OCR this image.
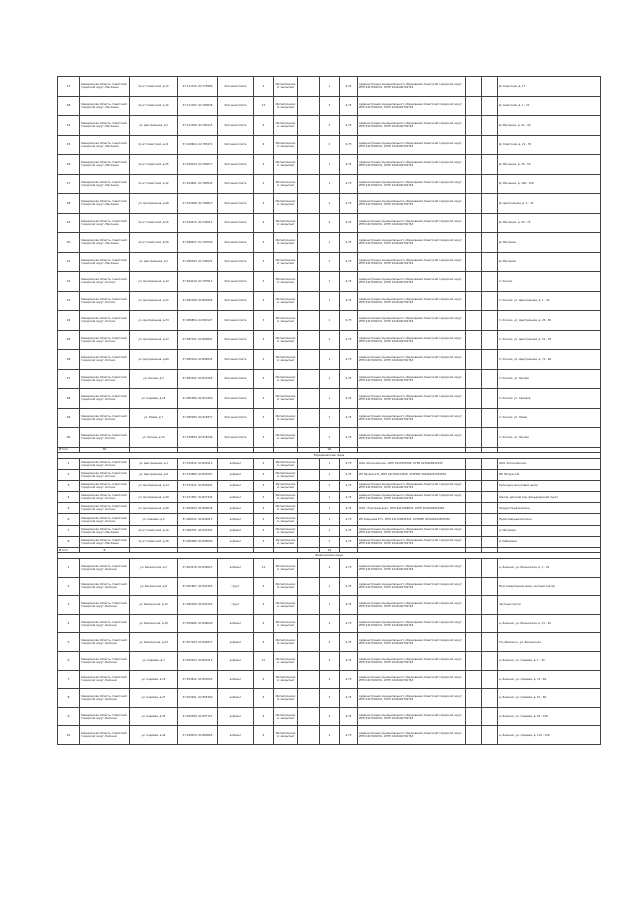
17	Кемеровская область, Советский городской округ, Масленки	пр-кт Советский, д.13	57.111315, 62.775888	бетонная плита	3	Металлический, закрытый		1	0,75	Администрация муниципального образования Советский городской округ, ИНН 4417000231, ОГРН 1024200702763			Д. Советская, д. 17
18	Кемеровская область, Советский городской округ, Масленки	пр-кт Советский, д.14	57.111047, 62.780038	бетонная плита	12	Металлический, закрытый		3	0,75	Администрация муниципального образования Советский городской округ, ИНН 4417000231, ОГРН 1024200702763			Д. Советская, д. 1 - 21
14	Кемеровская область, Советский городской округ, Масленки	ул. Центральная, д.5	57.111256, 62.780125	бетонная плита	6	Металлический, закрытый		2	0,75	Администрация муниципального образования Советский городской округ, ИНН 4417000231, ОГРН 1024200702763			Д. Масленки, д. 21 - 30
15	Кемеровская область, Советский городской округ, Масленки	пр-кт Советский, д.21	57.108604, 62.785472	бетонная плита	6	Металлический, закрытый		2	0,75	Администрация муниципального образования Советский городской округ, ИНН 4417000231, ОГРН 1024200702763			Д. Советская, д. 21 - 35
16	Кемеровская область, Советский городской округ, Масленки	пр-кт Советский, д.25	57.108234, 62.786077	бетонная плита	3	Металлический, закрытый		1	0,75	Администрация муниципального образования Советский городской округ, ИНН 4417000231, ОГРН 1024200702763			Д. Масленки, д. 35 - 50
17	Кемеровская область, Советский городской округ, Масленки	пр-кт Советский, д.32	57.104821, 62.789545	бетонная плита	3	Металлический, закрытый		1	0,75	Администрация муниципального образования Советский городской округ, ИНН 4417000231, ОГРН 1024200702763			Д. Масленки, д. 100 - 150
18	Кемеровская область, Советский городской округ, Масленки	ул. Центральная, д.46	57.102948, 62.789823	бетонная плита	3	Металлический, закрытый		1	0,75	Администрация муниципального образования Советский городской округ, ИНН 4417000231, ОГРН 1024200702763			Д. Центральная, д. 1 - 32
19	Кемеровская область, Советский городской округ, Масленки	пр-кт Советский, д.54	57.100472, 62.792012	бетонная плита	6	Металлический, закрытый		2	0,75	Администрация муниципального образования Советский городской округ, ИНН 4417000231, ОГРН 1024200702763			Д. Масленки, д. 50 - 75
20	Кемеровская область, Советский городской округ, Масленки	пр-кт Советский, д.59	57.098677, 62.793540	бетонная плита	3	Металлический, закрытый		1	0,75	Администрация муниципального образования Советский городской округ, ИНН 4417000231, ОГРН 1024200702763			Д. Масленки
21	Кемеровская область, Советский городской округ, Масленки	ул. Центральная, д.5	57.096543, 62.795024	бетонная плита	3	Металлический, закрытый		1	0,75	Администрация муниципального образования Советский городской округ, ИНН 4417000231, ОГРН 1024200702763			Д. Масленки
22	Кемеровская область, Советский городской округ, Клочки	ул. Центральная, д.12	57.094210, 62.797812	бетонная плита	3	Металлический, закрытый		1	0,75	Администрация муниципального образования Советский городской округ, ИНН 4417000231, ОГРН 1024200702763			С. Клочки
23	Кемеровская область, Советский городской округ, Клочки	ул. Центральная, д.21	57.092108, 62.800456	бетонная плита	3	Металлический, закрытый		1	0,75	Администрация муниципального образования Советский городской округ, ИНН 4417000231, ОГРН 1024200702763			С. Клочки, ул. Центральная, д. 1 - 24
24	Кемеровская область, Советский городской округ, Клочки	ул. Центральная, д.33	57.089854, 62.803127	бетонная плита	3	Металлический, закрытый		1	0,75	Администрация муниципального образования Советский городской округ, ИНН 4417000231, ОГРН 1024200702763			С. Клочки, ул. Центральная, д. 25 - 50
25	Кемеровская область, Советский городской округ, Клочки	ул. Центральная, д.47	57.087321, 62.805891	бетонная плита	3	Металлический, закрытый		1	0,75	Администрация муниципального образования Советский городской округ, ИНН 4417000231, ОГРН 1024200702763			С. Клочки, ул. Центральная, д. 51 - 70
26	Кемеровская область, Советский городской округ, Клочки	ул. Центральная, д.60	57.085109, 62.808234	бетонная плита	3	Металлический, закрытый		1	0,75	Администрация муниципального образования Советский городской округ, ИНН 4417000231, ОГРН 1024200702763			С. Клочки, ул. Центральная, д. 71 - 90
27	Кемеровская область, Советский городской округ, Клочки	ул. Лесная, д.3	57.083542, 62.810765	бетонная плита	3	Металлический, закрытый		1	0,75	Администрация муниципального образования Советский городской округ, ИНН 4417000231, ОГРН 1024200702763			С. Клочки, ул. Лесная
28	Кемеровская область, Советский городской округ, Клочки	ул. Садовая, д.12	57.081956, 62.813450	бетонная плита	3	Металлический, закрытый		1	0,75	Администрация муниципального образования Советский городской округ, ИНН 4417000231, ОГРН 1024200702763			С. Клочки, ул. Садовая
29	Кемеровская область, Советский городской округ, Клочки	ул. Новая, д.7	57.080283, 62.815977	бетонная плита	3	Металлический, закрытый		1	0,75	Администрация муниципального образования Советский городской округ, ИНН 4417000231, ОГРН 1024200702763			С. Клочки, ул. Новая
30	Кемеровская область, Советский городской округ, Клочки	ул. Лесная, д.15	57.078834, 62.818240	бетонная плита	3	Металлический, закрытый		1	0,75	Администрация муниципального образования Советский городской округ, ИНН 4417000231, ОГРН 1024200702763			С. Клочки, ул. Лесная
Итого	30							90					
Юридические лица													
1	Кемеровская область, Советский городской округ, Клочки	ул. Центральная, д.1	57.076512, 62.820113	асфальт	3	Металлический, закрытый		1	0,75	ООО «Клочковское», ИНН 4417008765, ОГРН 1034200812345			ООО «Клочковское»
2	Кемеровская область, Советский городской округ, Клочки	ул. Центральная, д.8	57.074890, 62.822567	асфальт	3	Металлический, закрытый		1	0,75	ИП Петров А.В., ИНН 441700123456, ОГРНИП 304420012345678			ИП Петров А.В.
3	Кемеровская область, Советский городской округ, Клочки	ул. Центральная, д.14	57.073211, 62.824901	асфальт	3	Металлический, закрытый		1	0,75	Администрация муниципального образования Советский городской округ, ИНН 4417000231, ОГРН 1024200702763			Культурно-досуговый центр
4	Кемеровская область, Советский городской округ, Клочки	ул. Центральная, д.20	57.071587, 62.827344	асфальт	3	Металлический, закрытый		1	0,75	Администрация муниципального образования Советский городской округ, ИНН 4417000231, ОГРН 1024200702763			Школа, детский сад, фельдшерский пункт
5	Кемеровская область, Советский городской округ, Клочки	ул. Центральная, д.26	57.069943, 62.829678	асфальт	3	Металлический, закрытый		1	0,75	ООО «Торговый дом», ИНН 4417009876, ОГРН 1044200923456			Продуктовый магазин
6	Кемеровская область, Советский городской округ, Клочки	ул. Садовая, д.2	57.068312, 62.832015	асфальт	3	Металлический, закрытый		1	0,75	ИП Смирнова Е.Н., ИНН 441700654321, ОГРНИП 305420023456789			Промтоварный магазин
7	Кемеровская область, Советский городской округ, Масленки	пр-кт Советский, д.10	57.066701, 62.834352	асфальт	3	Металлический, закрытый		1	0,75	Администрация муниципального образования Советский городской округ, ИНН 4417000231, ОГРН 1024200702763			д. Масленки
8	Кемеровская область, Советский городской округ, Масленки	пр-кт Советский, д.18	57.065089, 62.836690	асфальт	3	Металлический, закрытый		1	0,75	Администрация муниципального образования Советский городской округ, ИНН 4417000231, ОГРН 1024200702763			д. Рябиновка
Итого	8							24					
Физические лица													
1	Кемеровская область, Советский городской округ, Белкино	ул. Белкинская, д.2	57.063478, 62.839027	асфальт	12	Металлический, закрытый		4	0,75	Администрация муниципального образования Советский городской округ, ИНН 4417000231, ОГРН 1024200702763			д. Белкино, ул. Белкинская, д. 1 - 20
2	Кемеровская область, Советский городской округ, Белкино	ул. Белкинская, д.8	57.061867, 62.841365	грунт	3	Металлический, закрытый		1	0,75	Администрация муниципального образования Советский городской округ, ИНН 4417000231, ОГРН 1024200702763			Многоквартирные дома, частный сектор
3	Кемеровская область, Советский городской округ, Белкино	ул. Белкинская, д.12	57.060256, 62.843702	грунт	3	Металлический, закрытый		1	0,75	Администрация муниципального образования Советский городской округ, ИНН 4417000231, ОГРН 1024200702763			Частный сектор
4	Кемеровская область, Советский городской округ, Белкино	ул. Белкинская, д.18	57.058645, 62.846040	асфальт	6	Металлический, закрытый		2	0,75	Администрация муниципального образования Советский городской округ, ИНН 4417000231, ОГРН 1024200702763			д. Белкино, ул. Белкинская, д. 21 - 40
5	Кемеровская область, Советский городской округ, Белкино	ул. Белкинская, д.24	57.057034, 62.848377	асфальт	6	Металлический, закрытый		2	0,75	Администрация муниципального образования Советский городской округ, ИНН 4417000231, ОГРН 1024200702763			ТЦ «Белкино», ул. Белкинская
6	Кемеровская область, Советский городской округ, Белкино	ул. Садовая, д.3	57.055423, 62.850715	асфальт	12	Металлический, закрытый		4	0,75	Администрация муниципального образования Советский городской округ, ИНН 4417000231, ОГРН 1024200702763			д. Белкино, ул. Садовая, д. 1 - 30
7	Кемеровская область, Советский городской округ, Белкино	ул. Садовая, д.15	57.053812, 62.853052	асфальт	6	Металлический, закрытый		2	0,75	Администрация муниципального образования Советский городской округ, ИНН 4417000231, ОГРН 1024200702763			д. Белкино, ул. Садовая, д. 31 - 60
8	Кемеровская область, Советский городской округ, Белкино	ул. Садовая, д.27	57.052201, 62.855390	асфальт	6	Металлический, закрытый		2	0,75	Администрация муниципального образования Советский городской округ, ИНН 4417000231, ОГРН 1024200702763			д. Белкино, ул. Садовая, д. 61 - 80
9	Кемеровская область, Советский городской округ, Белкино	ул. Садовая, д.35	57.050590, 62.857727	асфальт	6	Металлический, закрытый		2	0,75	Администрация муниципального образования Советский городской округ, ИНН 4417000231, ОГРН 1024200702763			д. Белкино, ул. Садовая, д. 81 - 100
10	Кемеровская область, Советский городской округ, Белкино	ул. Садовая, д.42	57.048979, 62.860065	асфальт	6	Металлический, закрытый		2	0,75	Администрация муниципального образования Советский городской округ, ИНН 4417000231, ОГРН 1024200702763			д. Белкино, ул. Садовая, д. 101 - 120
